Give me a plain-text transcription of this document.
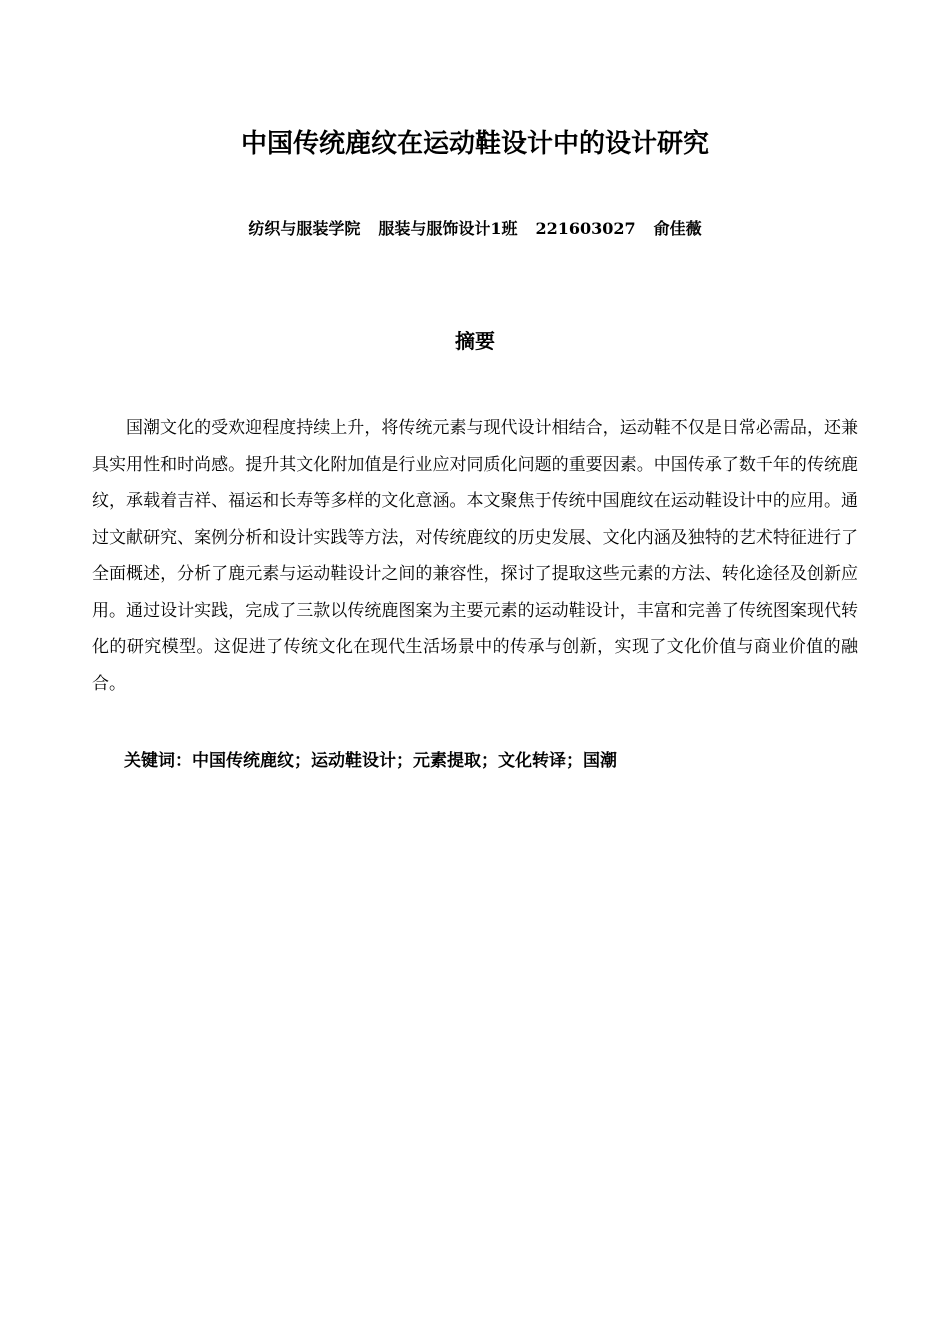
中国传统鹿纹在运动鞋设计中的设计研究
纺织与服装学院 服装与服饰设计1班 221603027 俞佳薇
摘要

国潮文化的受欢迎程度持续上升，将传统元素与现代设计相结合，运动鞋不仅是日常必需品，还兼具实用性和时尚感。提升其文化附加值是行业应对同质化问题的重要因素。中国传承了数千年的传统鹿纹，承载着吉祥、福运和长寿等多样的文化意涵。本文聚焦于传统中国鹿纹在运动鞋设计中的应用。通过文献研究、案例分析和设计实践等方法，对传统鹿纹的历史发展、文化内涵及独特的艺术特征进行了全面概述，分析了鹿元素与运动鞋设计之间的兼容性，探讨了提取这些元素的方法、转化途径及创新应用。通过设计实践，完成了三款以传统鹿图案为主要元素的运动鞋设计，丰富和完善了传统图案现代转化的研究模型。这促进了传统文化在现代生活场景中的传承与创新，实现了文化价值与商业价值的融合。

关键词：中国传统鹿纹；运动鞋设计；元素提取；文化转译；国潮
